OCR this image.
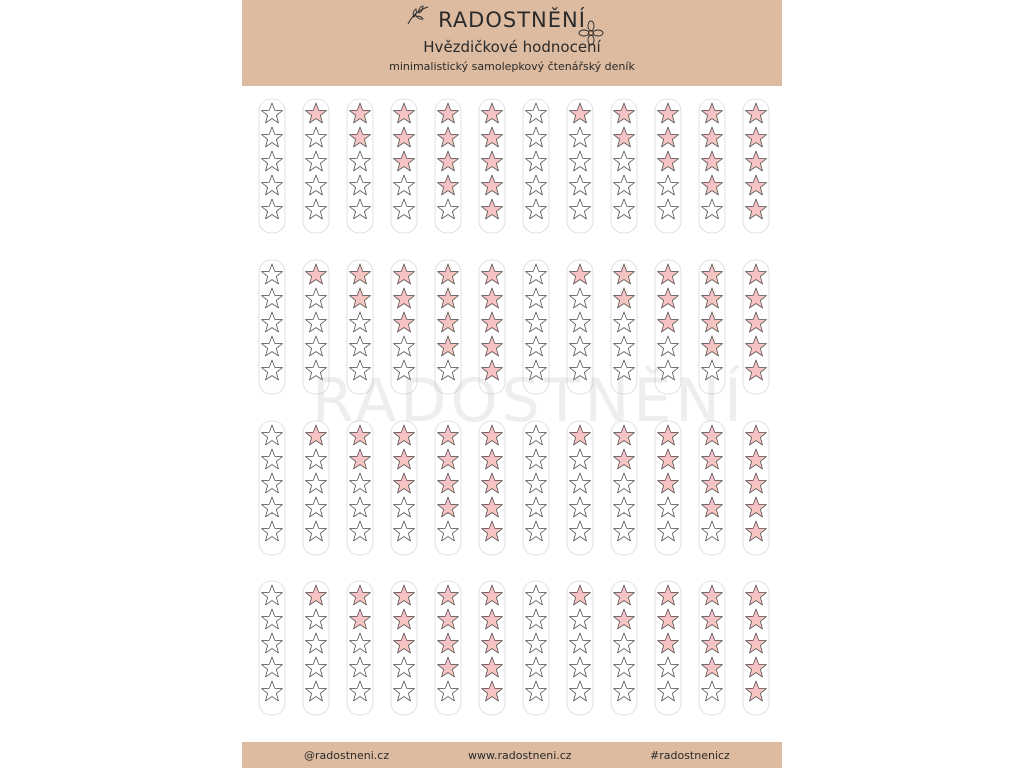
RADOSTNĚNÍ
Hvězdičkové hodnocení
minimalistický samolepkový čtenářský deník
RADOSTNĚNÍ
@radostneni.cz	www.radostneni.cz	#radostnenicz
